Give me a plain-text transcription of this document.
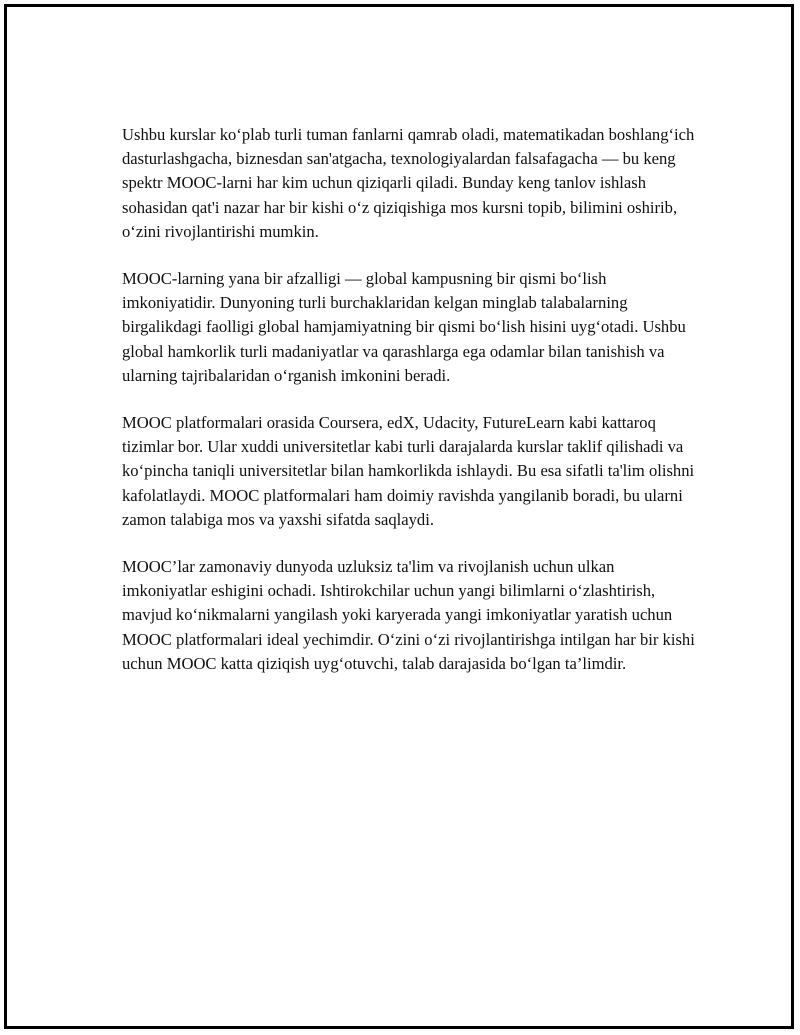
Ushbu kurslar ko‘plab turli tuman fanlarni qamrab oladi, matematikadan boshlang‘ich dasturlashgacha, biznesdan san'atgacha, texnologiyalardan falsafagacha — bu keng spektr MOOC-larni har kim uchun qiziqarli qiladi. Bunday keng tanlov ishlash sohasidan qat'i nazar har bir kishi o‘z qiziqishiga mos kursni topib, bilimini oshirib, o‘zini rivojlantirishi mumkin.

MOOC-larning yana bir afzalligi — global kampusning bir qismi bo‘lish imkoniyatidir. Dunyoning turli burchaklaridan kelgan minglab talabalarning birgalikdagi faolligi global hamjamiyatning bir qismi bo‘lish hisini uyg‘otadi. Ushbu global hamkorlik turli madaniyatlar va qarashlarga ega odamlar bilan tanishish va ularning tajribalaridan o‘rganish imkonini beradi.

MOOC platformalari orasida Coursera, edX, Udacity, FutureLearn kabi kattaroq tizimlar bor. Ular xuddi universitetlar kabi turli darajalarda kurslar taklif qilishadi va ko‘pincha taniqli universitetlar bilan hamkorlikda ishlaydi. Bu esa sifatli ta'lim olishni kafolatlaydi. MOOC platformalari ham doimiy ravishda yangilanib boradi, bu ularni zamon talabiga mos va yaxshi sifatda saqlaydi.

MOOC’lar zamonaviy dunyoda uzluksiz ta'lim va rivojlanish uchun ulkan imkoniyatlar eshigini ochadi. Ishtirokchilar uchun yangi bilimlarni o‘zlashtirish, mavjud ko‘nikmalarni yangilash yoki karyerada yangi imkoniyatlar yaratish uchun MOOC platformalari ideal yechimdir. O‘zini o‘zi rivojlantirishga intilgan har bir kishi uchun MOOC katta qiziqish uyg‘otuvchi, talab darajasida bo‘lgan ta’limdir.
